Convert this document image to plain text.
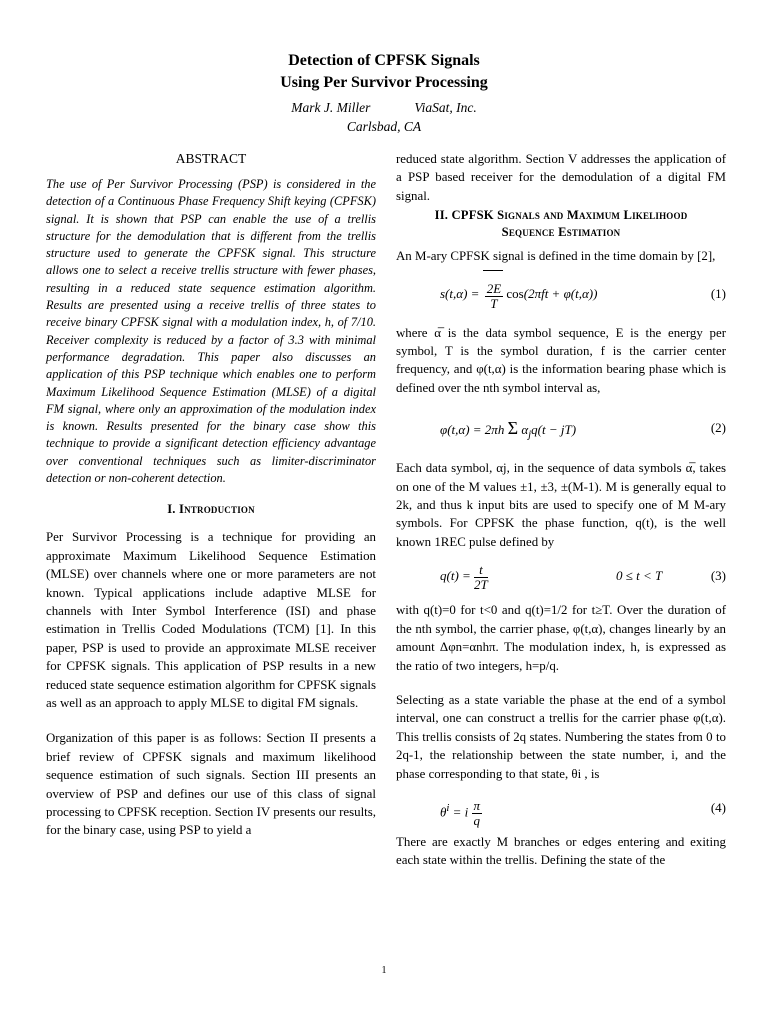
Detection of CPFSK Signals
Using Per Survivor Processing
Mark J. Miller	ViaSat, Inc.
Carlsbad, CA
ABSTRACT

The use of Per Survivor Processing (PSP) is considered in the detection of a Continuous Phase Frequency Shift keying (CPFSK) signal. It is shown that PSP can enable the use of a trellis structure for the demodulation that is different from the trellis structure used to generate the CPFSK signal. This structure allows one to select a receive trellis structure with fewer phases, resulting in a reduced state sequence estimation algorithm. Results are presented using a receive trellis of three states to receive binary CPFSK signal with a modulation index, h, of 7/10. Receiver complexity is reduced by a factor of 3.3 with minimal performance degradation. This paper also discusses an application of this PSP technique which enables one to perform Maximum Likelihood Sequence Estimation (MLSE) of a digital FM signal, where only an approximation of the modulation index is known. Results presented for the binary case show this technique to provide a significant detection efficiency advantage over conventional techniques such as limiter-discriminator detection or non-coherent detection.

I. Introduction

Per Survivor Processing is a technique for providing an approximate Maximum Likelihood Sequence Estimation (MLSE) over channels where one or more parameters are not known. Typical applications include adaptive MLSE for channels with Inter Symbol Interference (ISI) and phase estimation in Trellis Coded Modulations (TCM) [1]. In this paper, PSP is used to provide an approximate MLSE receiver for CPFSK signals. This application of PSP results in a new reduced state sequence estimation algorithm for CPFSK signals as well as an approach to apply MLSE to digital FM signals.

Organization of this paper is as follows: Section II presents a brief review of CPFSK signals and maximum likelihood sequence estimation of such signals. Section III presents an overview of PSP and defines our use of this class of signal processing to CPFSK reception. Section IV presents our results, for the binary case, using PSP to yield a

reduced state algorithm. Section V addresses the application of a PSP based receiver for the demodulation of a digital FM signal.

II. CPFSK Signals and Maximum Likelihood
Sequence Estimation

An M-ary CPFSK signal is defined in the time domain by [2],

$s(t,\alpha) = \frac{2E}{T} \cos(2\pi ft + \varphi(t,\alpha))$	(1)

where α̅ is the data symbol sequence, E is the energy per symbol, T is the symbol duration, f is the carrier center frequency, and φ(t,α) is the information bearing phase which is defined over the nth symbol interval as,

φ(t,α) = 2πh Σ $\alpha_jq(t - jT)$	(2)

Each data symbol, αj, in the sequence of data symbols α̅, takes on one of the M values ±1, ±3, ±(M-1). M is generally equal to 2k, and thus k input bits are used to specify one of M M-ary symbols. For CPFSK the phase function, q(t), is the well known 1REC pulse defined by

$q(t) = \frac{t}{2T}$	0 ≤ t < T	(3)

with q(t)=0 for t<0 and q(t)=1/2 for t≥T. Over the duration of the nth symbol, the carrier phase, φ(t,α), changes linearly by an amount Δφn=αnhπ. The modulation index, h, is expressed as the ratio of two integers, h=p/q.

Selecting as a state variable the phase at the end of a symbol interval, one can construct a trellis for the carrier phase φ(t,α). This trellis consists of 2q states. Numbering the states from 0 to 2q-1, the relationship between the state number, i, and the phase corresponding to that state, θi , is

$\theta^i = i \frac{\pi}{q}$	(4)

There are exactly M branches or edges entering and exiting each state within the trellis. Defining the state of the

1
